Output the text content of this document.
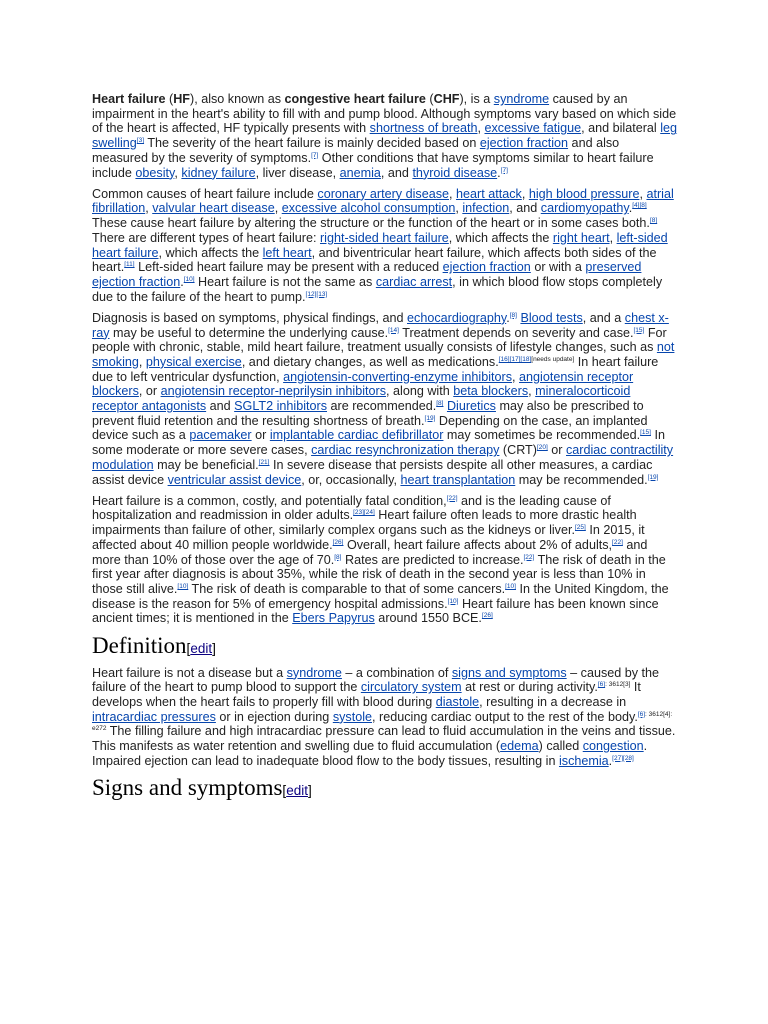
Heart failure (HF), also known as congestive heart failure (CHF), is a syndrome caused by an impairment in the heart's ability to fill with and pump blood. Although symptoms vary based on which side of the heart is affected, HF typically presents with shortness of breath, excessive fatigue, and bilateral leg swelling[3] The severity of the heart failure is mainly decided based on ejection fraction and also measured by the severity of symptoms.[7] Other conditions that have symptoms similar to heart failure include obesity, kidney failure, liver disease, anemia, and thyroid disease.[7]

Common causes of heart failure include coronary artery disease, heart attack, high blood pressure, atrial fibrillation, valvular heart disease, excessive alcohol consumption, infection, and cardiomyopathy.[4][8] These cause heart failure by altering the structure or the function of the heart or in some cases both.[8] There are different types of heart failure: right-sided heart failure, which affects the right heart, left-sided heart failure, which affects the left heart, and biventricular heart failure, which affects both sides of the heart.[11] Left-sided heart failure may be present with a reduced ejection fraction or with a preserved ejection fraction.[10] Heart failure is not the same as cardiac arrest, in which blood flow stops completely due to the failure of the heart to pump.[12][13]

Diagnosis is based on symptoms, physical findings, and echocardiography.[8] Blood tests, and a chest x-ray may be useful to determine the underlying cause.[14] Treatment depends on severity and case.[15] For people with chronic, stable, mild heart failure, treatment usually consists of lifestyle changes, such as not smoking, physical exercise, and dietary changes, as well as medications.[16][17][18][needs update] In heart failure due to left ventricular dysfunction, angiotensin-converting-enzyme inhibitors, angiotensin receptor blockers, or angiotensin receptor-neprilysin inhibitors, along with beta blockers, mineralocorticoid receptor antagonists and SGLT2 inhibitors are recommended.[8] Diuretics may also be prescribed to prevent fluid retention and the resulting shortness of breath.[19] Depending on the case, an implanted device such as a pacemaker or implantable cardiac defibrillator may sometimes be recommended.[15] In some moderate or more severe cases, cardiac resynchronization therapy (CRT)[20] or cardiac contractility modulation may be beneficial.[21] In severe disease that persists despite all other measures, a cardiac assist device ventricular assist device, or, occasionally, heart transplantation may be recommended.[19]

Heart failure is a common, costly, and potentially fatal condition,[22] and is the leading cause of hospitalization and readmission in older adults.[23][24] Heart failure often leads to more drastic health impairments than failure of other, similarly complex organs such as the kidneys or liver.[25] In 2015, it affected about 40 million people worldwide.[26] Overall, heart failure affects about 2% of adults,[22] and more than 10% of those over the age of 70.[8] Rates are predicted to increase.[22] The risk of death in the first year after diagnosis is about 35%, while the risk of death in the second year is less than 10% in those still alive.[10] The risk of death is comparable to that of some cancers.[10] In the United Kingdom, the disease is the reason for 5% of emergency hospital admissions.[10] Heart failure has been known since ancient times; it is mentioned in the Ebers Papyrus around 1550 BCE.[26]

Definition[edit]

Heart failure is not a disease but a syndrome – a combination of signs and symptoms – caused by the failure of the heart to pump blood to support the circulatory system at rest or during activity.[6]: 3612[3] It develops when the heart fails to properly fill with blood during diastole, resulting in a decrease in intracardiac pressures or in ejection during systole, reducing cardiac output to the rest of the body.$^{[6]: 3612[4]: e272}$ The filling failure and high intracardiac pressure can lead to fluid accumulation in the veins and tissue. This manifests as water retention and swelling due to fluid accumulation (edema) called congestion. Impaired ejection can lead to inadequate blood flow to the body tissues, resulting in ischemia.[27][28]

Signs and symptoms[edit]
